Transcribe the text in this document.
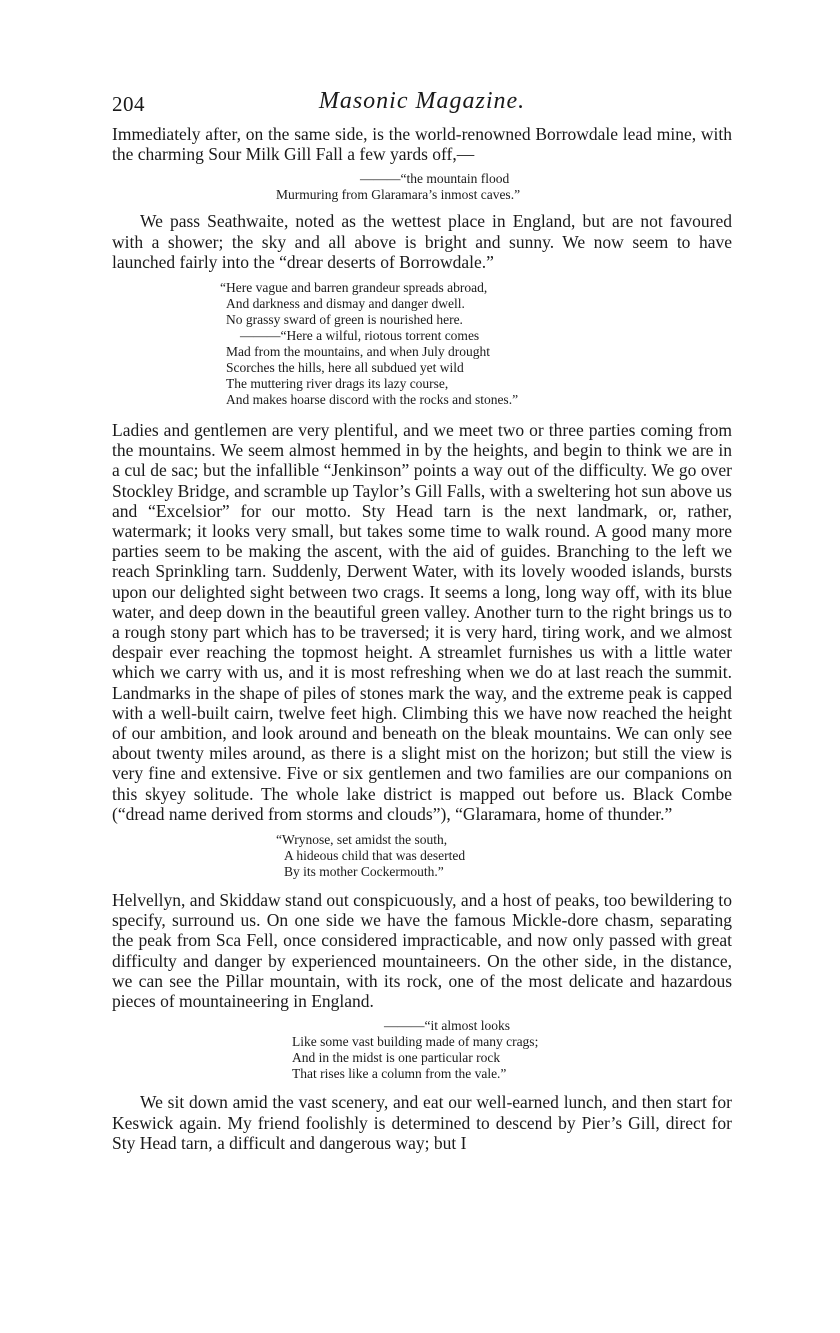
204	Masonic Magazine.

Immediately after, on the same side, is the world-renowned Borrowdale lead mine, with the charming Sour Milk Gill Fall a few yards off,—

———“the mountain flood
Murmuring from Glaramara’s inmost caves.”

We pass Seathwaite, noted as the wettest place in England, but are not favoured with a shower; the sky and all above is bright and sunny. We now seem to have launched fairly into the “drear deserts of Borrowdale.”

“Here vague and barren grandeur spreads abroad,
And darkness and dismay and danger dwell.
No grassy sward of green is nourished here.
———“Here a wilful, riotous torrent comes
Mad from the mountains, and when July drought
Scorches the hills, here all subdued yet wild
The muttering river drags its lazy course,
And makes hoarse discord with the rocks and stones.”

Ladies and gentlemen are very plentiful, and we meet two or three parties coming from the mountains. We seem almost hemmed in by the heights, and begin to think we are in a cul de sac; but the infallible “Jenkinson” points a way out of the difficulty. We go over Stockley Bridge, and scramble up Taylor’s Gill Falls, with a sweltering hot sun above us and “Excelsior” for our motto. Sty Head tarn is the next landmark, or, rather, watermark; it looks very small, but takes some time to walk round. A good many more parties seem to be making the ascent, with the aid of guides. Branching to the left we reach Sprinkling tarn. Suddenly, Derwent Water, with its lovely wooded islands, bursts upon our delighted sight between two crags. It seems a long, long way off, with its blue water, and deep down in the beautiful green valley. Another turn to the right brings us to a rough stony part which has to be traversed; it is very hard, tiring work, and we almost despair ever reaching the topmost height. A streamlet furnishes us with a little water which we carry with us, and it is most refreshing when we do at last reach the summit. Landmarks in the shape of piles of stones mark the way, and the extreme peak is capped with a well-built cairn, twelve feet high. Climbing this we have now reached the height of our ambition, and look around and beneath on the bleak mountains. We can only see about twenty miles around, as there is a slight mist on the horizon; but still the view is very fine and extensive. Five or six gentlemen and two families are our companions on this skyey solitude. The whole lake district is mapped out before us. Black Combe (“dread name derived from storms and clouds”), “Glaramara, home of thunder.”

“Wrynose, set amidst the south,
A hideous child that was deserted
By its mother Cockermouth.”

Helvellyn, and Skiddaw stand out conspicuously, and a host of peaks, too bewildering to specify, surround us. On one side we have the famous Mickle-dore chasm, separating the peak from Sca Fell, once considered impracticable, and now only passed with great difficulty and danger by experienced mountaineers. On the other side, in the distance, we can see the Pillar mountain, with its rock, one of the most delicate and hazardous pieces of mountaineering in England.

———“it almost looks
Like some vast building made of many crags;
And in the midst is one particular rock
That rises like a column from the vale.”

We sit down amid the vast scenery, and eat our well-earned lunch, and then start for Keswick again. My friend foolishly is determined to descend by Pier’s Gill, direct for Sty Head tarn, a difficult and dangerous way; but I
